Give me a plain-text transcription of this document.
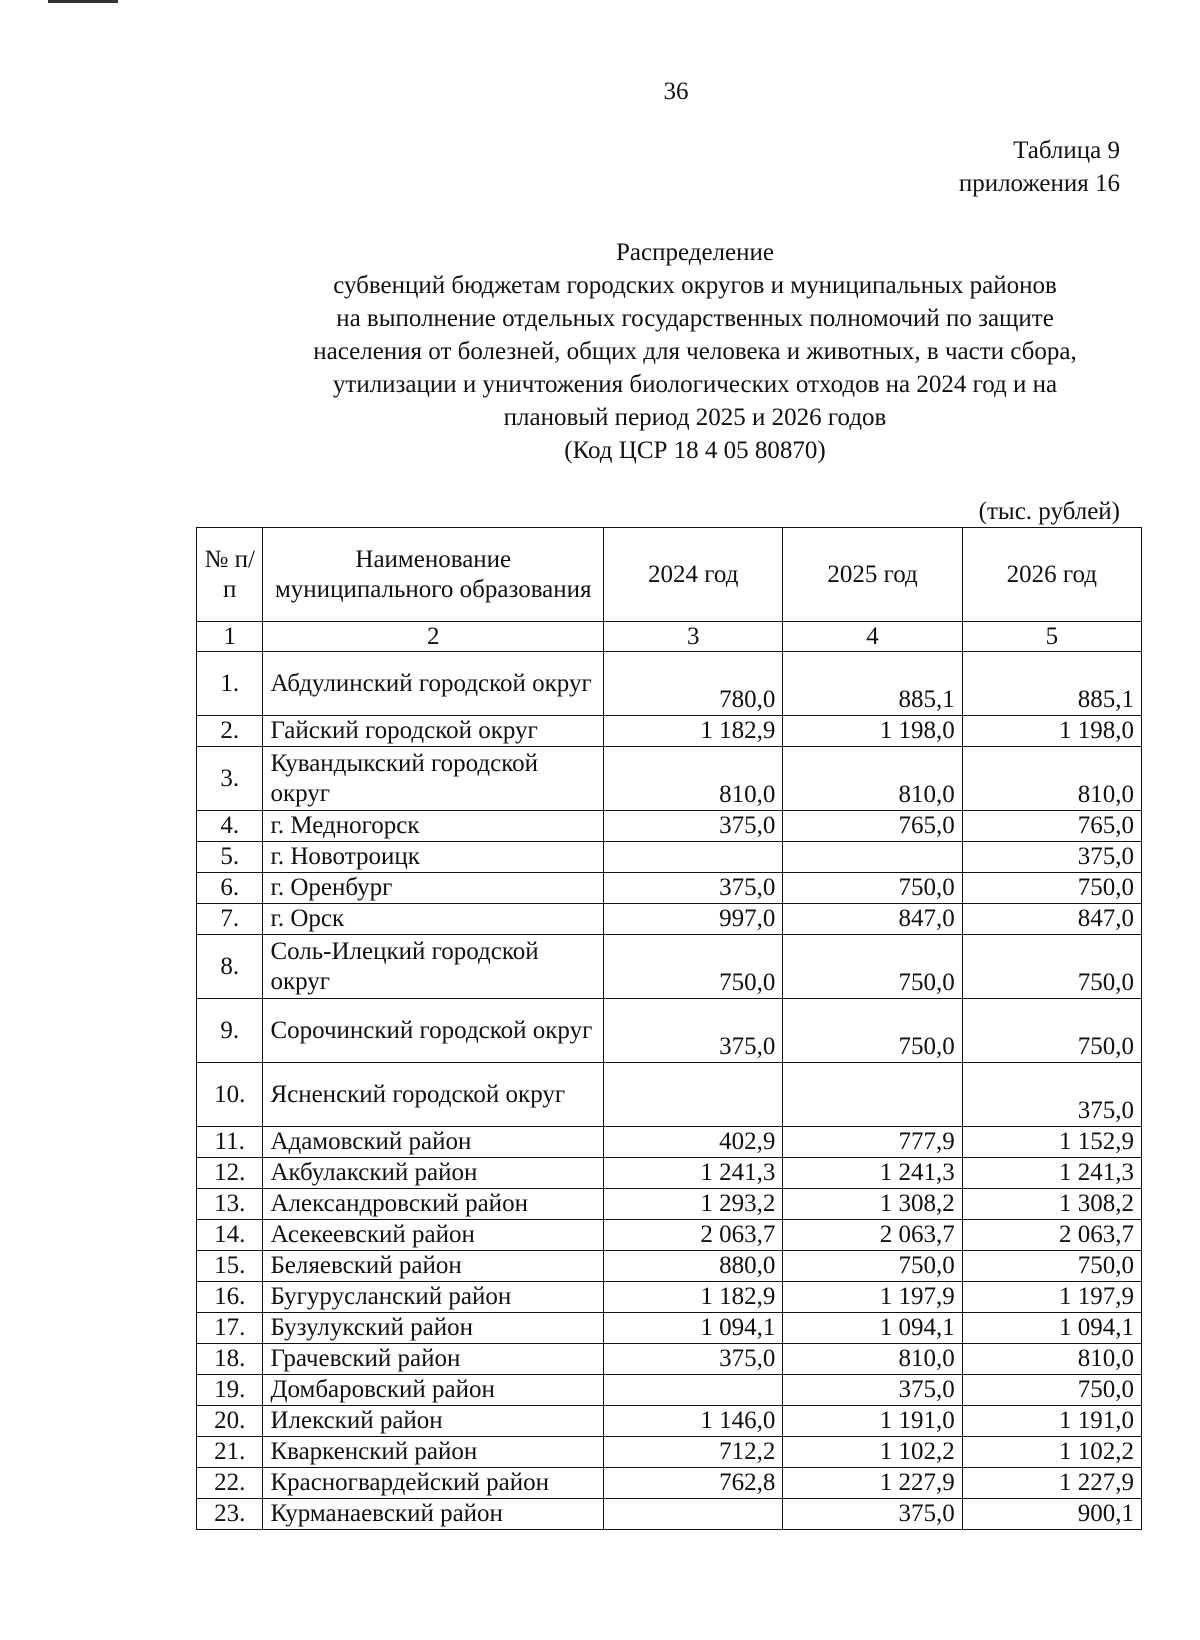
36
Таблица 9
приложения 16
Распределение
субвенций бюджетам городских округов и муниципальных районов
на выполнение отдельных государственных полномочий по защите
населения от болезней, общих для человека и животных, в части сбора,
утилизации и уничтожения биологических отходов на 2024 год и на
плановый период 2025 и 2026 годов
(Код ЦСР 18 4 05 80870)
(тыс. рублей)
№ п/п	Наименование муниципального образования	2024 год	2025 год	2026 год
1	2	3	4	5
1.	Абдулинский городской округ	780,0	885,1	885,1
2.	Гайский городской округ	1 182,9	1 198,0	1 198,0
3.	Кувандыкский городской округ	810,0	810,0	810,0
4.	г. Медногорск	375,0	765,0	765,0
5.	г. Новотроицк			375,0
6.	г. Оренбург	375,0	750,0	750,0
7.	г. Орск	997,0	847,0	847,0
8.	Соль-Илецкий городской округ	750,0	750,0	750,0
9.	Сорочинский городской округ	375,0	750,0	750,0
10.	Ясненский городской округ			375,0
11.	Адамовский район	402,9	777,9	1 152,9
12.	Акбулакский район	1 241,3	1 241,3	1 241,3
13.	Александровский район	1 293,2	1 308,2	1 308,2
14.	Асекеевский район	2 063,7	2 063,7	2 063,7
15.	Беляевский район	880,0	750,0	750,0
16.	Бугурусланский район	1 182,9	1 197,9	1 197,9
17.	Бузулукский район	1 094,1	1 094,1	1 094,1
18.	Грачевский район	375,0	810,0	810,0
19.	Домбаровский район		375,0	750,0
20.	Илекский район	1 146,0	1 191,0	1 191,0
21.	Кваркенский район	712,2	1 102,2	1 102,2
22.	Красногвардейский район	762,8	1 227,9	1 227,9
23.	Курманаевский район		375,0	900,1
